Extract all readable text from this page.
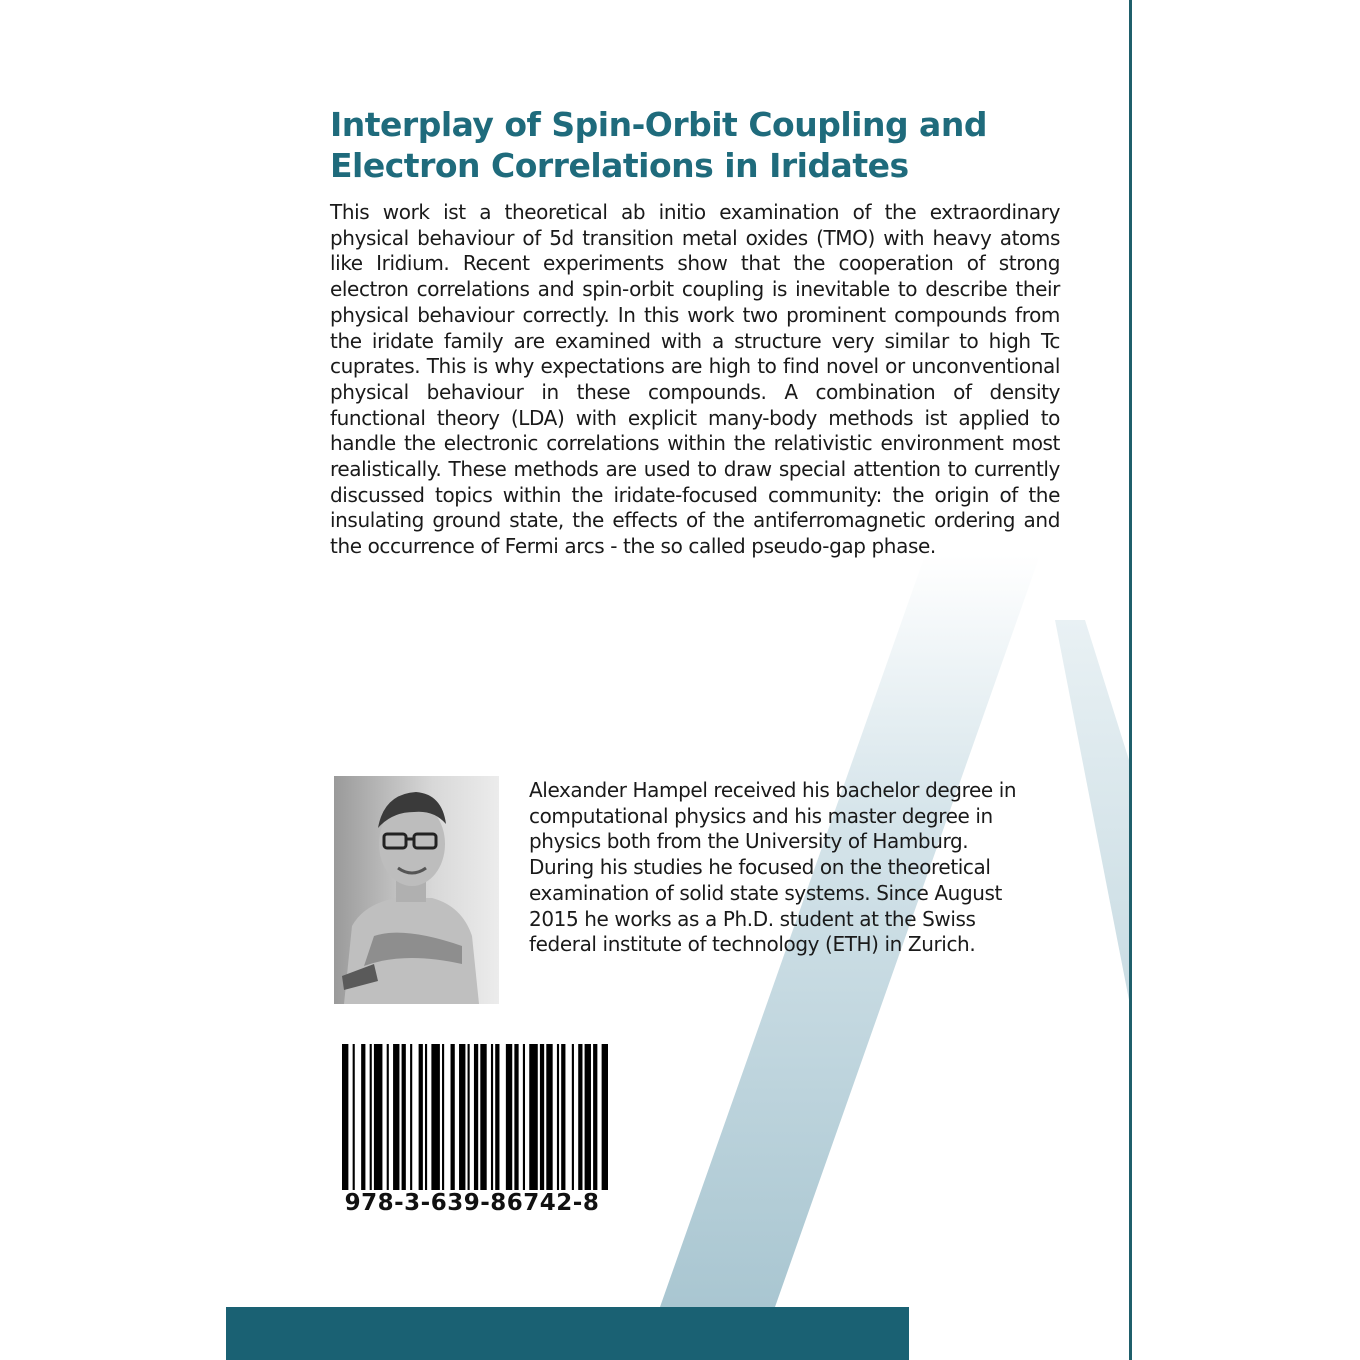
Interplay of Spin-Orbit Coupling and
Electron Correlations in Iridates

This work ist a theoretical ab initio examination of the extraordinary physical behaviour of 5d transition metal oxides (TMO) with heavy atoms like Iridium. Recent experiments show that the cooperation of strong electron correlations and spin-orbit coupling is inevitable to describe their physical behaviour correctly. In this work two prominent compounds from the iridate family are examined with a structure very similar to high Tc cuprates. This is why expectations are high to find novel or unconventional physical behaviour in these compounds. A combination of density functional theory (LDA) with explicit many-body methods ist applied to handle the electronic correlations within the relativistic environment most realistically. These methods are used to draw special attention to currently discussed topics within the iridate-focused community: the origin of the insulating ground state, the effects of the antiferromagnetic ordering and the occurrence of Fermi arcs - the so called pseudo-gap phase.

Alexander Hampel received his bachelor degree in
computational physics and his master degree in
physics both from the University of Hamburg.
During his studies he focused on the theoretical
examination of solid state systems. Since August
2015 he works as a Ph.D. student at the Swiss
federal institute of technology (ETH) in Zurich.

978-3-639-86742-8
